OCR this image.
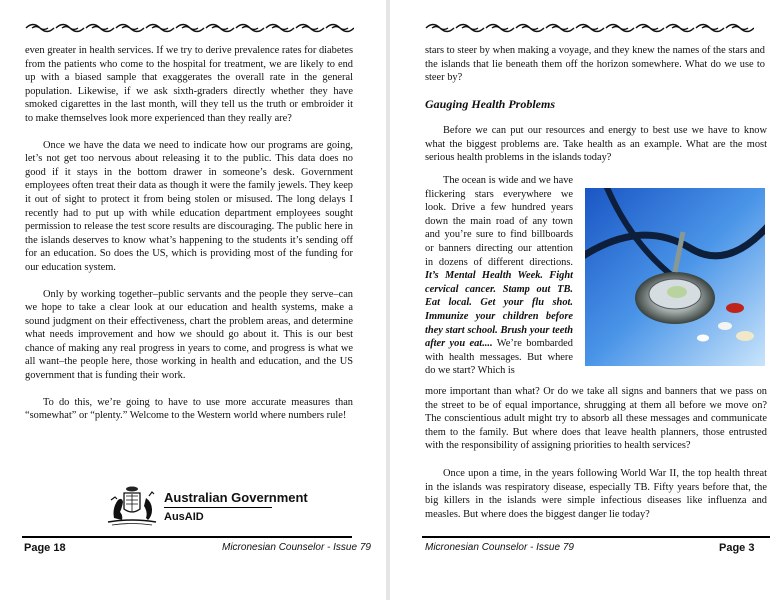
even greater in health services. If we try to derive prevalence rates for diabetes from the patients who come to the hospital for treatment, we are likely to end up with a biased sample that exaggerates the overall rate in the general population. Likewise, if we ask sixth-graders directly whether they have smoked cigarettes in the last month, will they tell us the truth or embroider it to make themselves look more experienced than they really are?

Once we have the data we need to indicate how our programs are going, let’s not get too nervous about releasing it to the public. This data does no good if it stays in the bottom drawer in someone’s desk. Government employees often treat their data as though it were the family jewels. They keep it out of sight to protect it from being stolen or misused. The long delays I recently had to put up with while education department employees sought permission to release the test score results are discouraging. The public here in the islands deserves to know what’s happening to the students it’s sending off for an education. So does the US, which is providing most of the funding for our education system.

Only by working together–public servants and the people they serve–can we hope to take a clear look at our education and health systems, make a sound judgment on their effectiveness, chart the problem areas, and determine what needs improvement and how we should go about it. This is our best chance of making any real progress in years to come, and progress is what we all want–the people here, those working in health and education, and the US government that is funding their work.

To do this, we’re going to have to use more accurate measures than “somewhat” or “plenty.” Welcome to the Western world where numbers rule!

Australian Government
AusAID
Page 18	Micronesian Counselor - Issue 79
stars to steer by when making a voyage, and they knew the names of the stars and the islands that lie beneath them off the horizon somewhere. What do we use to steer by?
Gauging Health Problems
Before we can put our resources and energy to best use we have to know what the biggest problems are. Take health as an example. What are the most serious health problems in the islands today?

The ocean is wide and we have flickering stars everywhere we look. Drive a few hundred years down the main road of any town and you’re sure to find billboards or banners directing our attention in dozens of different directions. It’s Mental Health Week. Fight cervical cancer. Stamp out TB. Eat local. Get your flu shot. Immunize your children before they start school. Brush your teeth after you eat.... We’re bombarded with health messages. But where do we start? Which is

more important than what? Or do we take all signs and banners that we pass on the street to be of equal importance, shrugging at them all before we move on? The conscientious adult might try to absorb all these messages and communicate them to the family. But where does that leave health planners, those entrusted with the responsibility of assigning priorities to health services?

Once upon a time, in the years following World War II, the top health threat in the islands was respiratory disease, especially TB. Fifty years before that, the big killers in the islands were simple infectious diseases like influenza and measles. But where does the biggest danger lie today?

Micronesian Counselor - Issue 79	Page 3
